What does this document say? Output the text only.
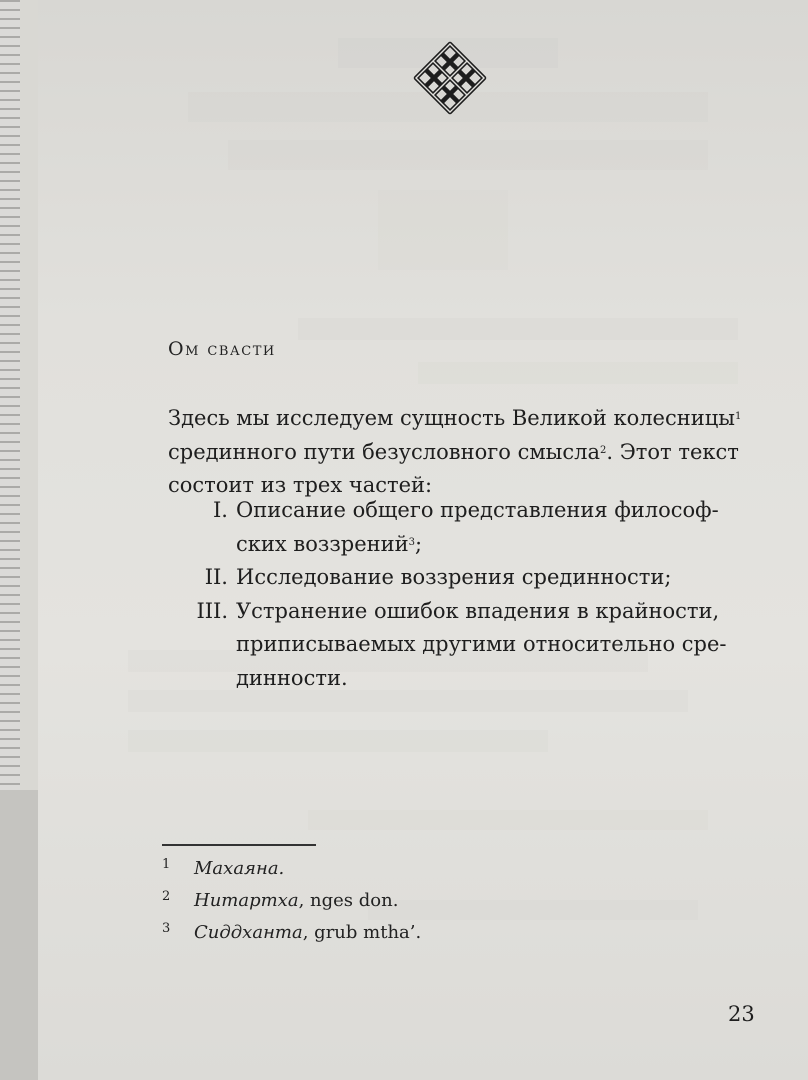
Ом свасти

Здесь мы исследуем сущность Великой колесницы$^1$
срединного пути безусловного смысла$^2$. Этот текст
состоит из трех частей:

I. Описание общего представления философ-
ских воззрений$^3$;
II. Исследование воззрения срединности;
III. Устранение ошибок впадения в крайности,
приписываемых другими относительно сре-
динности.
1 Махаяна.
2 Нитартха, nges don.
3 Сиддханта, grub mtha’.
23
